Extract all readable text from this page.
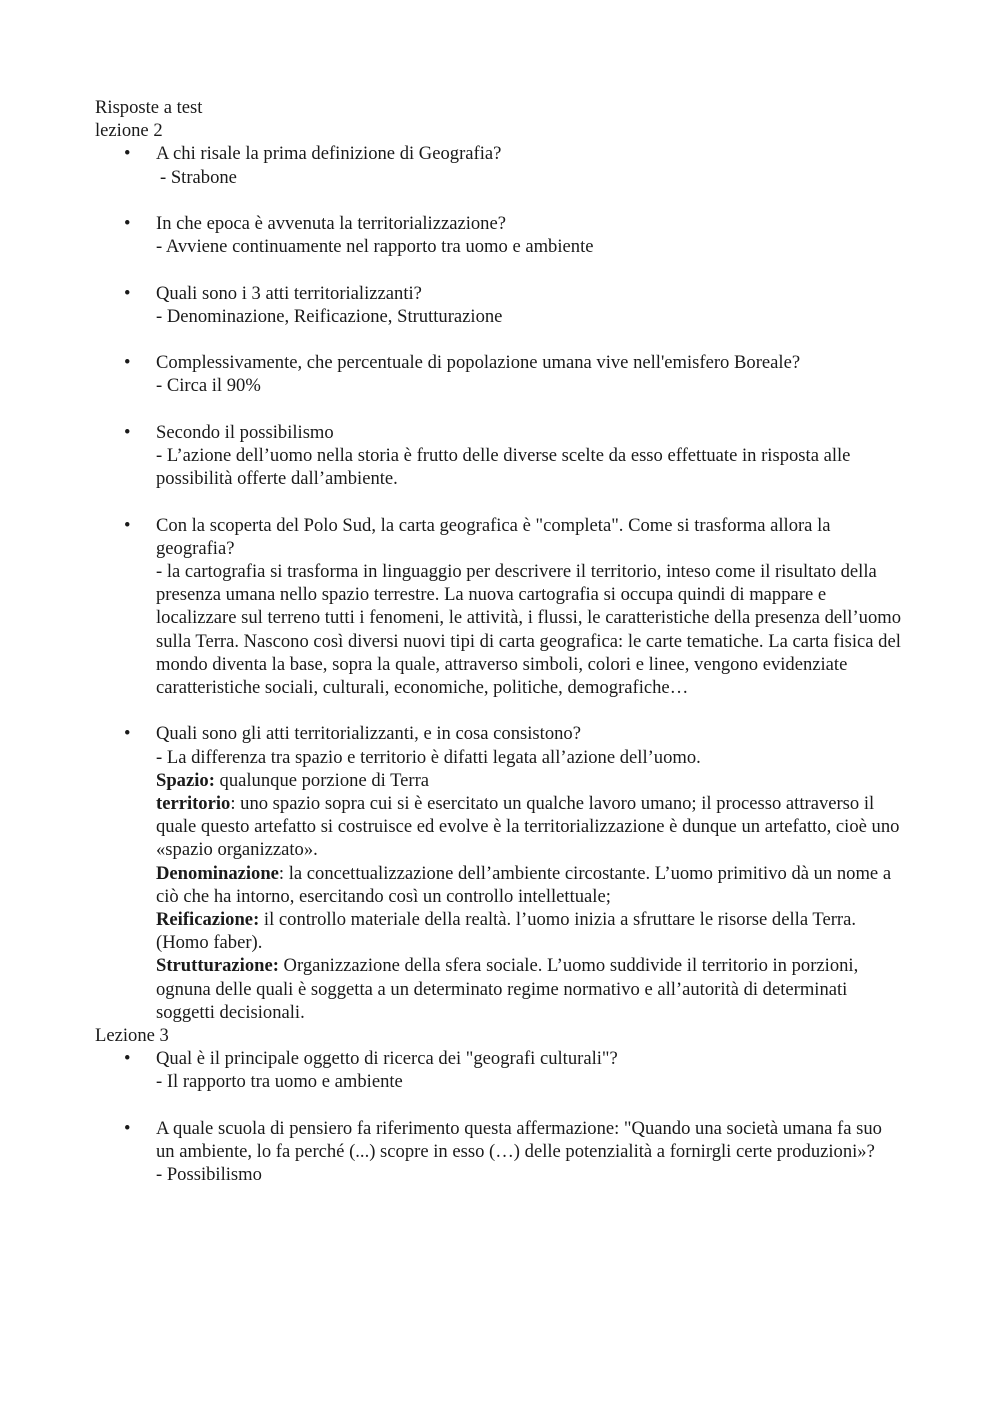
Risposte a test

lezione 2

• A chi risale la prima definizione di Geografia?

- Strabone

• In che epoca è avvenuta la territorializzazione?

- Avviene continuamente nel rapporto tra uomo e ambiente

• Quali sono i 3 atti territorializzanti?

- Denominazione, Reificazione, Strutturazione

• Complessivamente, che percentuale di popolazione umana vive nell'emisfero Boreale?

- Circa il 90%

• Secondo il possibilismo

- L’azione dell’uomo nella storia è frutto delle diverse scelte da esso effettuate in risposta alle possibilità offerte dall’ambiente.

• Con la scoperta del Polo Sud, la carta geografica è "completa". Come si trasforma allora la geografia?

- la cartografia si trasforma in linguaggio per descrivere il territorio, inteso come il risultato della presenza umana nello spazio terrestre. La nuova cartografia si occupa quindi di mappare e localizzare sul terreno tutti i fenomeni, le attività, i flussi, le caratteristiche della presenza dell’uomo sulla Terra. Nascono così diversi nuovi tipi di carta geografica: le carte tematiche. La carta fisica del mondo diventa la base, sopra la quale, attraverso simboli, colori e linee, vengono evidenziate caratteristiche sociali, culturali, economiche, politiche, demografiche…

• Quali sono gli atti territorializzanti, e in cosa consistono?

- La differenza tra spazio e territorio è difatti legata all’azione dell’uomo.

Spazio: qualunque porzione di Terra

territorio: uno spazio sopra cui si è esercitato un qualche lavoro umano; il processo attraverso il quale questo artefatto si costruisce ed evolve è la territorializzazione è dunque un artefatto, cioè uno «spazio organizzato».

Denominazione: la concettualizzazione dell’ambiente circostante. L’uomo primitivo dà un nome a ciò che ha intorno, esercitando così un controllo intellettuale;

Reificazione: il controllo materiale della realtà. l’uomo inizia a sfruttare le risorse della Terra. (Homo faber).

Strutturazione: Organizzazione della sfera sociale. L’uomo suddivide il territorio in porzioni, ognuna delle quali è soggetta a un determinato regime normativo e all’autorità di determinati soggetti decisionali.

Lezione 3

• Qual è il principale oggetto di ricerca dei "geografi culturali"?

- Il rapporto tra uomo e ambiente

• A quale scuola di pensiero fa riferimento questa affermazione: "Quando una società umana fa suo un ambiente, lo fa perché (...) scopre in esso (…) delle potenzialità a fornirgli certe produzioni»?

- Possibilismo
